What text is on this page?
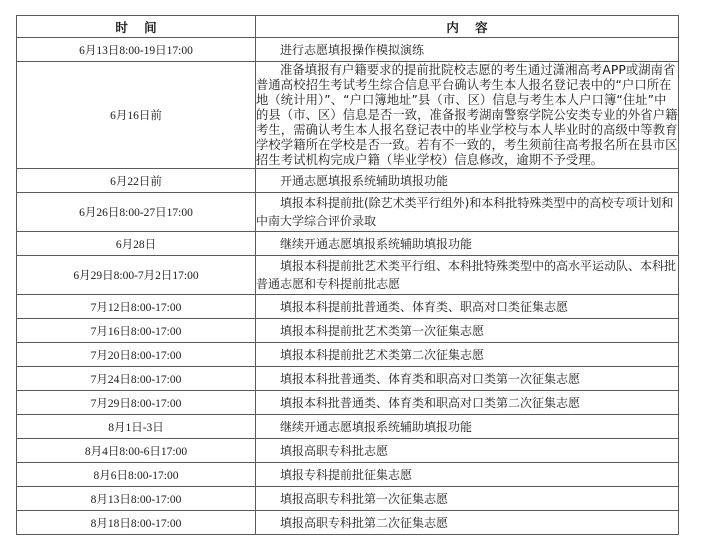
时 间	内 容
6月13日8:00-19日17:00	进行志愿填报操作模拟演练

6月16日前	准备填报有户籍要求的提前批院校志愿的考生通过潇湘高考APP或湖南省普通高校招生考试考生综合信息平台确认考生本人报名登记表中的“户口所在地（统计用）”、“户口簿地址”县（市、区）信息与考生本人户口簿“住址”中的县（市、区）信息是否一致，准备报考湖南警察学院公安类专业的外省户籍考生，需确认考生本人报名登记表中的毕业学校与本人毕业时的高级中等教育学校学籍所在学校是否一致。若有不一致的，考生须前往高考报名所在县市区招生考试机构完成户籍（毕业学校）信息修改，逾期不予受理。

6月22日前	开通志愿填报系统辅助填报功能

6月26日8:00-27日17:00	填报本科提前批(除艺术类平行组外)和本科批特殊类型中的高校专项计划和中南大学综合评价录取

6月28日	继续开通志愿填报系统辅助填报功能

6月29日8:00-7月2日17:00	填报本科提前批艺术类平行组、本科批特殊类型中的高水平运动队、本科批普通志愿和专科提前批志愿

7月12日8:00-17:00	填报本科提前批普通类、体育类、职高对口类征集志愿

7月16日8:00-17:00	填报本科提前批艺术类第一次征集志愿

7月20日8:00-17:00	填报本科提前批艺术类第二次征集志愿

7月24日8:00-17:00	填报本科批普通类、体育类和职高对口类第一次征集志愿

7月29日8:00-17:00	填报本科批普通类、体育类和职高对口类第二次征集志愿

8月1日-3日	继续开通志愿填报系统辅助填报功能

8月4日8:00-6日17:00	填报高职专科批志愿

8月6日8:00-17:00	填报专科提前批征集志愿

8月13日8:00-17:00	填报高职专科批第一次征集志愿

8月18日8:00-17:00	填报高职专科批第二次征集志愿
